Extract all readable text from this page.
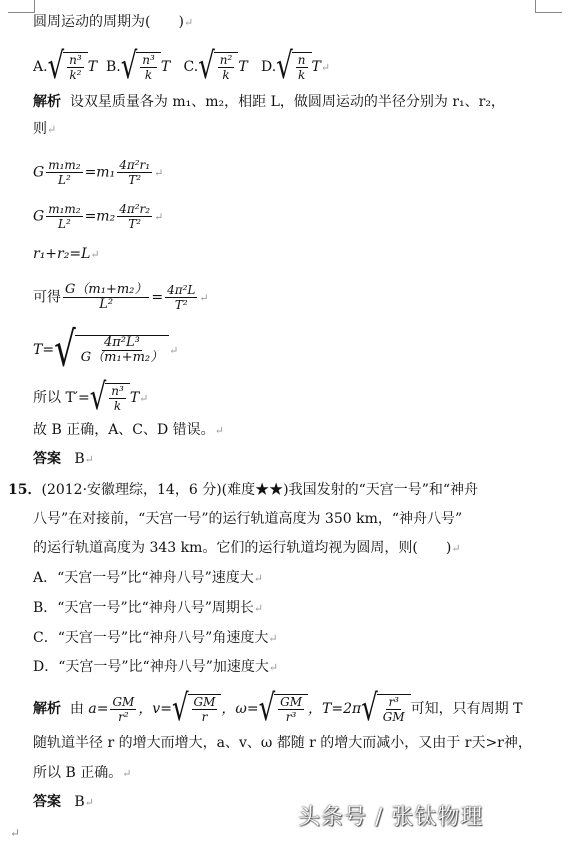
圆周运动的周期为(　　)↵
A. √ $\frac{\text{n³}}{\text{k²}}$ T B. √ $\frac{\text{n³}}{k}$ T C. √ $\frac{\text{n²}}{k}$ T D. √ $\frac{n}{k}$ T↵
解析 设双星质量各为 m₁、m₂，相距 L，做圆周运动的半径分别为 r₁、r₂，
则↵
G $\frac{\text{m₁m₂}}{\text{L²}} =m_1 \frac{\text{4π²r₁}}{\text{T²}}$ ↵
G $\frac{\text{m₁m₂}}{\text{L²}} =m_2 \frac{\text{4π²r₂}}{\text{T²}}$ ↵
r₁+r₂=L↵
可得 $\frac{\text{G（m₁+m₂）}}{\text{L²}} = \frac{\text{4π²L}}{\text{T²}}$ ↵
T= √ $\frac{\text{4π²L³}}{\text{G（m₁+m₂）}}$ ↵
所以 T′= √ $\frac{\text{n³}}{k}$ T↵
故 B 正确，A、C、D 错误。↵
答案 B↵
15．(2012·安徽理综，14，6 分)(难度★★)我国发射的“天宫一号”和“神舟
八号”在对接前，“天宫一号”的运行轨道高度为 350 km，“神舟八号”
的运行轨道高度为 343 km。它们的运行轨道均视为圆周，则(　　)↵
A．“天宫一号”比“神舟八号”速度大↵
B．“天宫一号”比“神舟八号”周期长↵
C．“天宫一号”比“神舟八号”角速度大↵
D．“天宫一号”比“神舟八号”加速度大↵
解析 由 $a= \frac{GM}{\text{r²}}$ ，v= √ $\frac{GM}{r}$ ，ω= √ $\frac{GM}{\text{r³}}$ ，T=2π √ $\frac{\text{r³}}{GM}$ 可知，只有周期 T
随轨道半径 r 的增大而增大，a、v、ω 都随 r 的增大而减小，又由于 r天>r神，
所以 B 正确。↵
答案 B↵
↵
头条号 / 张钛物理
